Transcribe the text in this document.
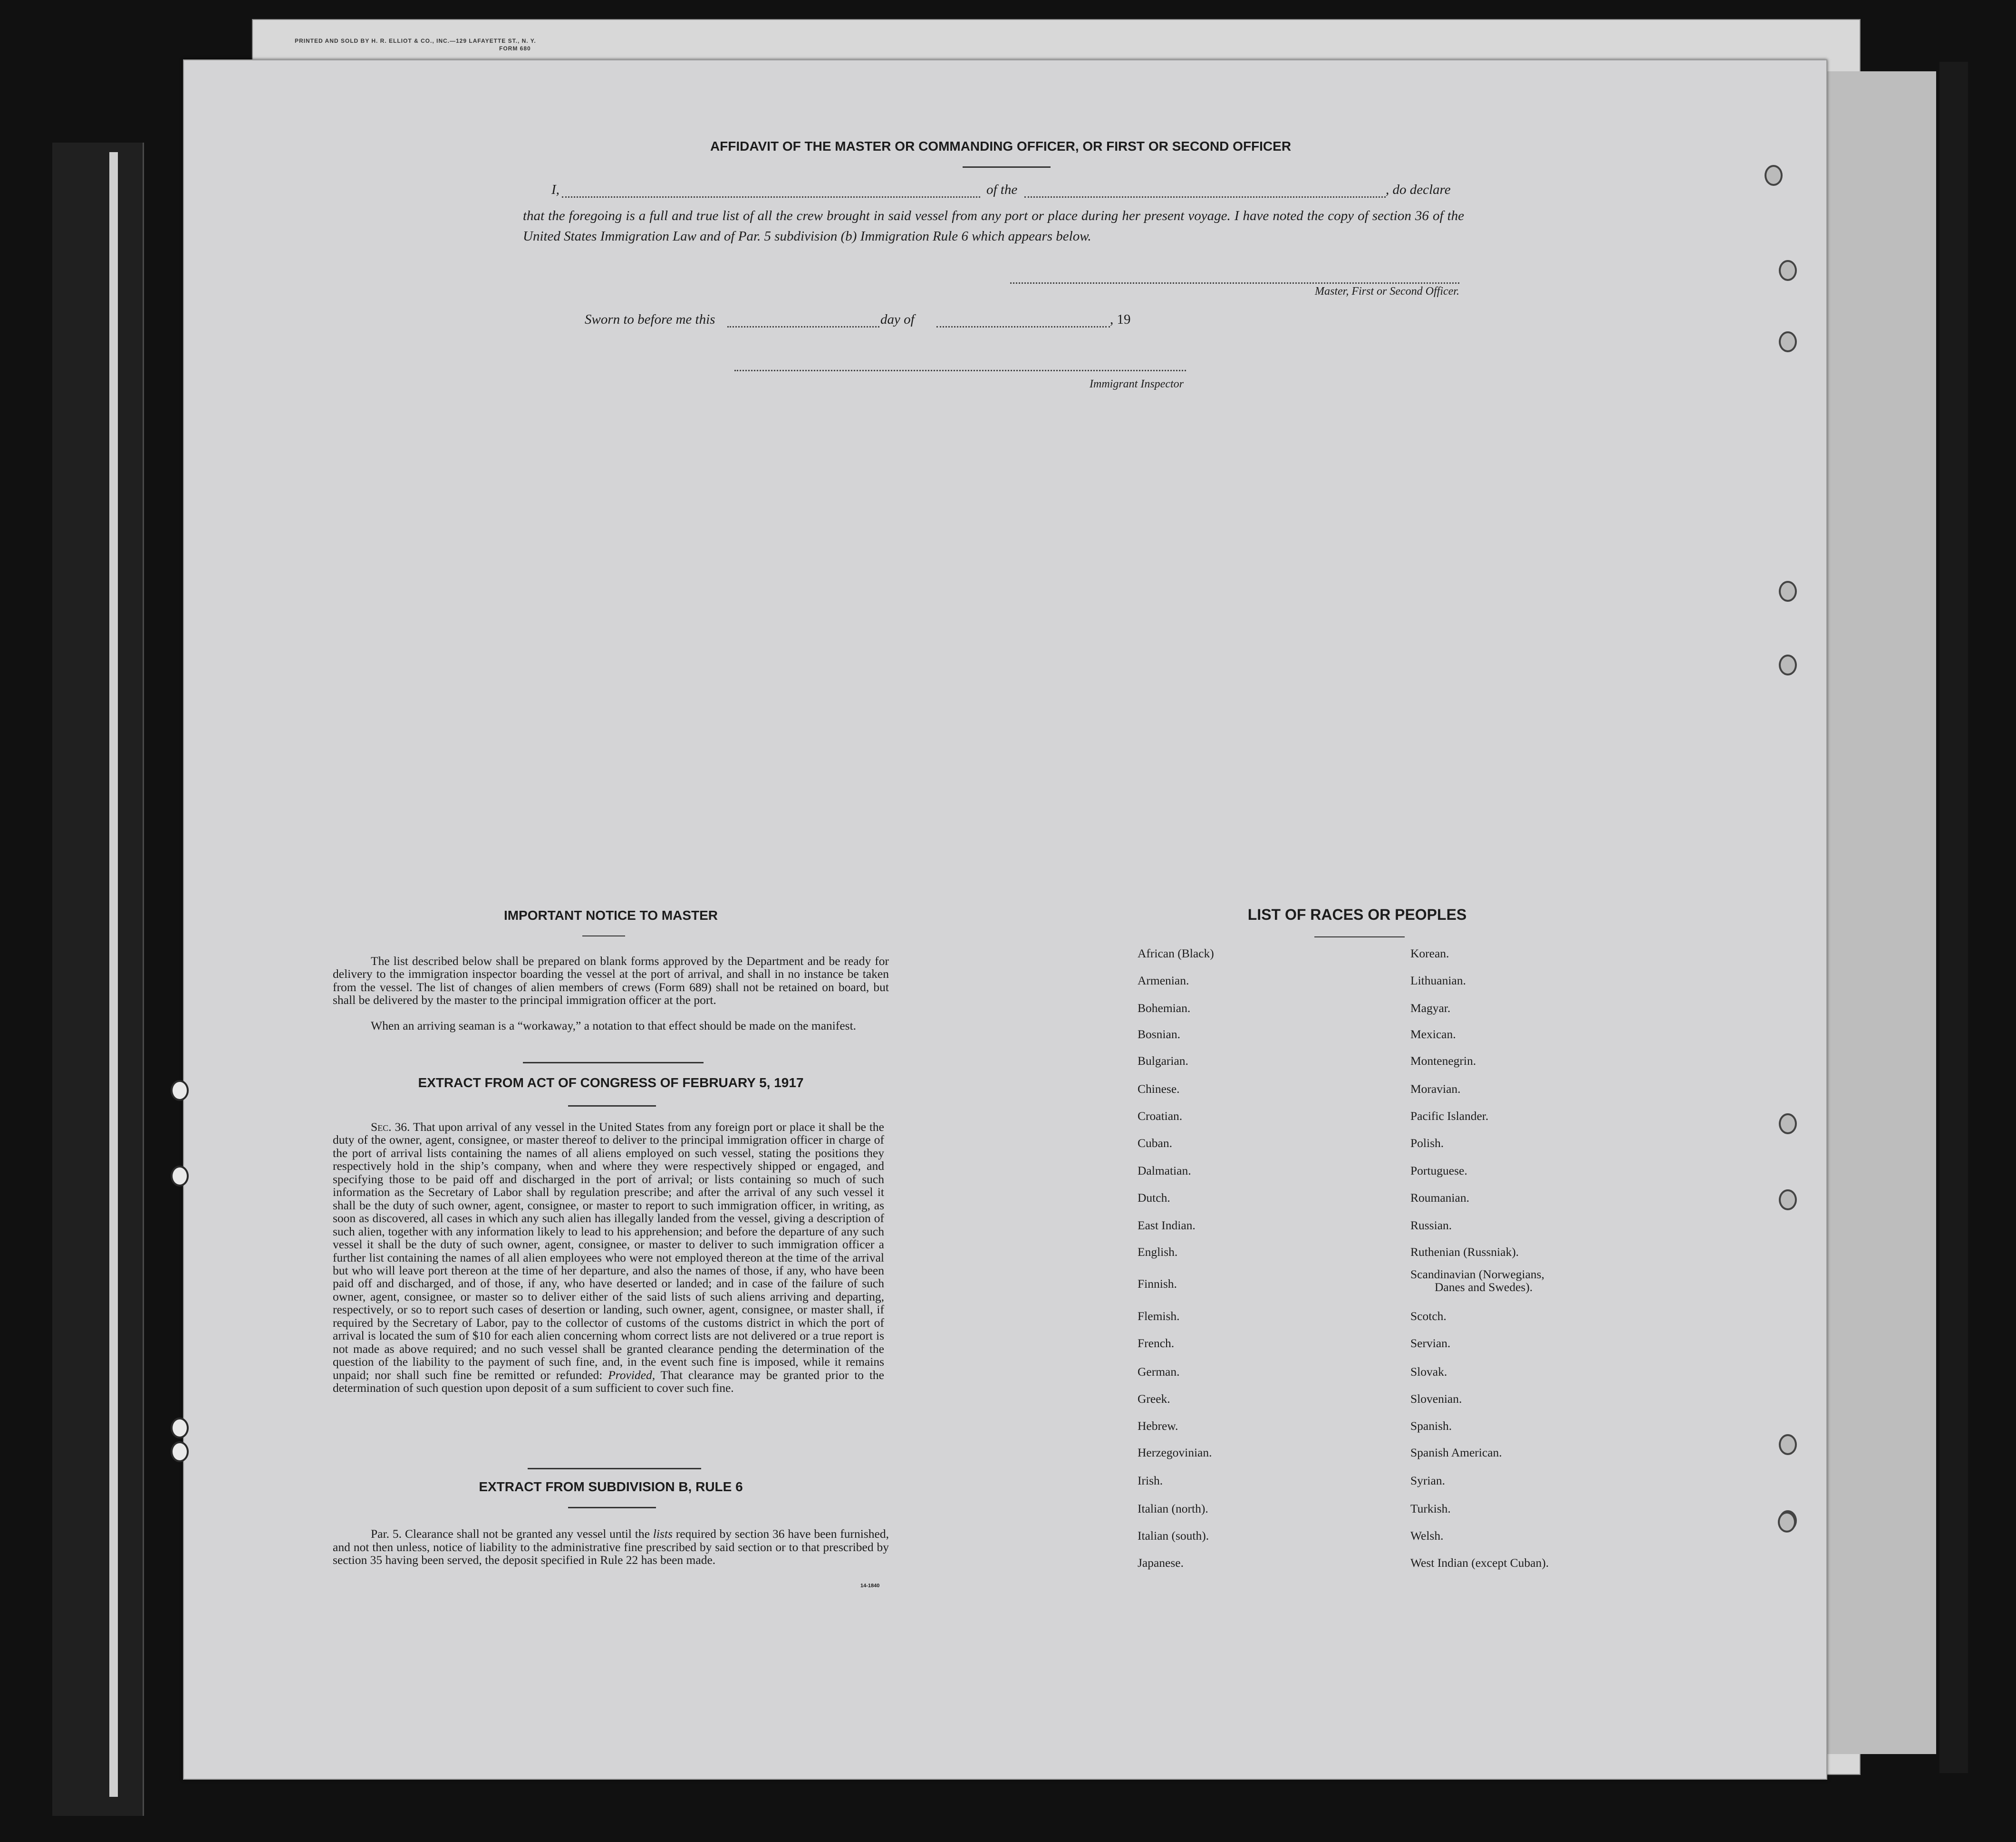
PRINTED AND SOLD BY H. R. ELLIOT & CO., INC.—129 LAFAYETTE ST., N. Y.
FORM 680
AFFIDAVIT OF THE MASTER OR COMMANDING OFFICER, OR FIRST OR SECOND OFFICER
I,	of the	, do declare
that the foregoing is a full and true list of all the crew brought in said vessel from any port or place during her present voyage. I have noted the copy of section 36 of the United States Immigration Law and of Par. 5 subdivision (b) Immigration Rule 6 which appears below.
Master, First or Second Officer.
Sworn to before me this	day of	, 19
Immigrant Inspector
IMPORTANT NOTICE TO MASTER
The list described below shall be prepared on blank forms approved by the Department and be ready for delivery to the immigration inspector boarding the vessel at the port of arrival, and shall in no instance be taken from the vessel. The list of changes of alien members of crews (Form 689) shall not be retained on board, but shall be delivered by the master to the principal immigration officer at the port.
When an arriving seaman is a “workaway,” a notation to that effect should be made on the manifest.
EXTRACT FROM ACT OF CONGRESS OF FEBRUARY 5, 1917
Sec. 36. That upon arrival of any vessel in the United States from any foreign port or place it shall be the duty of the owner, agent, consignee, or master thereof to deliver to the principal immigration officer in charge of the port of arrival lists containing the names of all aliens employed on such vessel, stating the positions they respectively hold in the ship’s company, when and where they were respectively shipped or engaged, and specifying those to be paid off and discharged in the port of arrival; or lists containing so much of such information as the Secretary of Labor shall by regulation prescribe; and after the arrival of any such vessel it shall be the duty of such owner, agent, consignee, or master to report to such immigration officer, in writing, as soon as discovered, all cases in which any such alien has illegally landed from the vessel, giving a description of such alien, together with any information likely to lead to his apprehension; and before the departure of any such vessel it shall be the duty of such owner, agent, consignee, or master to deliver to such immigration officer a further list containing the names of all alien employees who were not employed thereon at the time of the arrival but who will leave port thereon at the time of her departure, and also the names of those, if any, who have been paid off and discharged, and of those, if any, who have deserted or landed; and in case of the failure of such owner, agent, consignee, or master so to deliver either of the said lists of such aliens arriving and departing, respectively, or so to report such cases of desertion or landing, such owner, agent, consignee, or master shall, if required by the Secretary of Labor, pay to the collector of customs of the customs district in which the port of arrival is located the sum of $10 for each alien concerning whom correct lists are not delivered or a true report is not made as above required; and no such vessel shall be granted clearance pending the determination of the question of the liability to the payment of such fine, and, in the event such fine is imposed, while it remains unpaid; nor shall such fine be remitted or refunded: Provided, That clearance may be granted prior to the determination of such question upon deposit of a sum sufficient to cover such fine.
EXTRACT FROM SUBDIVISION B, RULE 6
Par. 5. Clearance shall not be granted any vessel until the lists required by section 36 have been furnished, and not then unless, notice of liability to the administrative fine prescribed by said section or to that prescribed by section 35 having been served, the deposit specified in Rule 22 has been made.
14-1840
LIST OF RACES OR PEOPLES
African (Black)
Armenian.
Bohemian.
Bosnian.
Bulgarian.
Chinese.
Croatian.
Cuban.
Dalmatian.
Dutch.
East Indian.
English.
Finnish.
Flemish.
French.
German.
Greek.
Hebrew.
Herzegovinian.
Irish.
Italian (north).
Italian (south).
Japanese.
Korean.
Lithuanian.
Magyar.
Mexican.
Montenegrin.
Moravian.
Pacific Islander.
Polish.
Portuguese.
Roumanian.
Russian.
Ruthenian (Russniak).
Scandinavian (Norwegians,
Scotch.
Servian.
Slovak.
Slovenian.
Spanish.
Spanish American.
Syrian.
Turkish.
Welsh.
West Indian (except Cuban).
Danes and Swedes).
